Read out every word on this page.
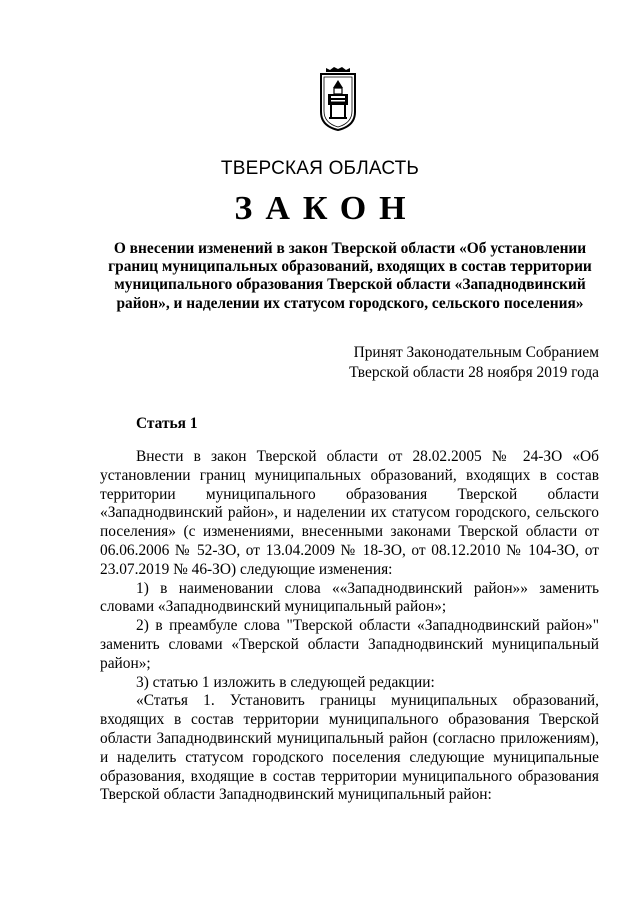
ТВЕРСКАЯ ОБЛАСТЬ
ЗАКОН
О внесении изменений в закон Тверской области «Об установлении границ муниципальных образований, входящих в состав территории муниципального образования Тверской области «Западнодвинский район», и наделении их статусом городского, сельского поселения»
Принят Законодательным Собранием
Тверской области 28 ноября 2019 года
Статья 1

Внести в закон Тверской области от 28.02.2005 № 24-ЗО «Об установлении границ муниципальных образований, входящих в состав территории муниципального образования Тверской области «Западнодвинский район», и наделении их статусом городского, сельского поселения» (с изменениями, внесенными законами Тверской области от 06.06.2006 № 52-ЗО, от 13.04.2009 № 18-ЗО, от 08.12.2010 № 104-ЗО, от 23.07.2019 № 46-ЗО) следующие изменения:

1) в наименовании слова ««Западнодвинский район»» заменить словами «Западнодвинский муниципальный район»;

2) в преамбуле слова "Тверской области «Западнодвинский район»" заменить словами «Тверской области Западнодвинский муниципальный район»;

3) статью 1 изложить в следующей редакции:

«Статья 1. Установить границы муниципальных образований, входящих в состав территории муниципального образования Тверской области Западнодвинский муниципальный район (согласно приложениям), и наделить статусом городского поселения следующие муниципальные образования, входящие в состав территории муниципального образования Тверской области Западнодвинский муниципальный район:
